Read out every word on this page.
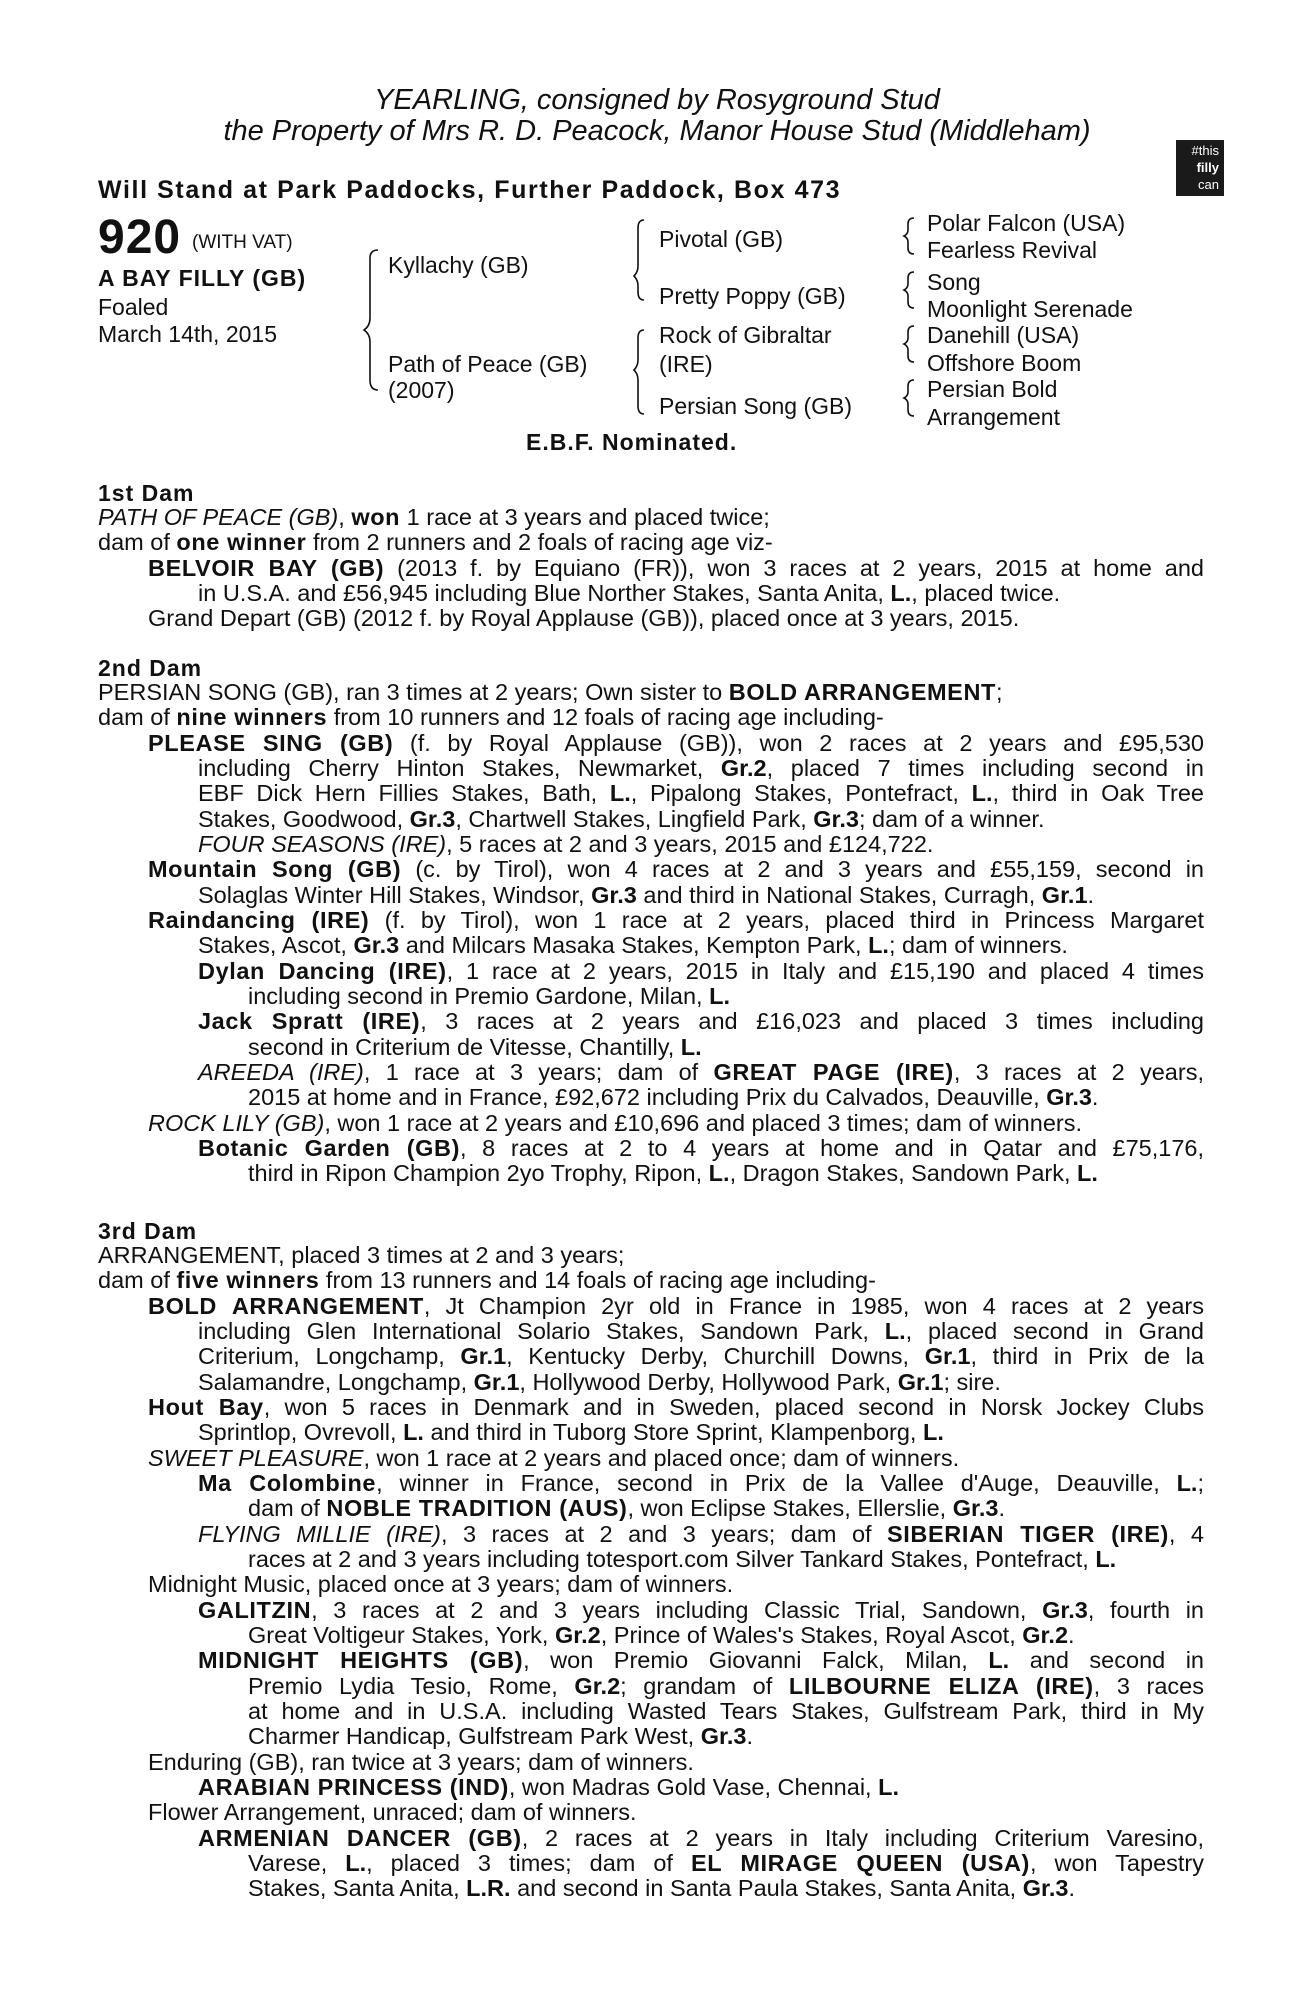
YEARLING, consigned by Rosyground Stud
the Property of Mrs R. D. Peacock, Manor House Stud (Middleham)
Will Stand at Park Paddocks, Further Paddock, Box 473
#this
filly
can
920 (WITH VAT)
A BAY FILLY (GB)
Foaled
March 14th, 2015
Kyllachy (GB)
Path of Peace (GB)
(2007)
Pivotal (GB)
Pretty Poppy (GB)
Rock of Gibraltar
(IRE)
Persian Song (GB)
Polar Falcon (USA)
Fearless Revival
Song
Moonlight Serenade
Danehill (USA)
Offshore Boom
Persian Bold
Arrangement
E.B.F. Nominated.
1st Dam
PATH OF PEACE (GB), won 1 race at 3 years and placed twice;
dam of one winner from 2 runners and 2 foals of racing age viz-
BELVOIR BAY (GB) (2013 f. by Equiano (FR)), won 3 races at 2 years, 2015 at home and
in U.S.A. and £56,945 including Blue Norther Stakes, Santa Anita, L., placed twice.
Grand Depart (GB) (2012 f. by Royal Applause (GB)), placed once at 3 years, 2015.
2nd Dam
PERSIAN SONG (GB), ran 3 times at 2 years; Own sister to BOLD ARRANGEMENT;
dam of nine winners from 10 runners and 12 foals of racing age including-
PLEASE SING (GB) (f. by Royal Applause (GB)), won 2 races at 2 years and £95,530
including Cherry Hinton Stakes, Newmarket, Gr.2, placed 7 times including second in
EBF Dick Hern Fillies Stakes, Bath, L., Pipalong Stakes, Pontefract, L., third in Oak Tree
Stakes, Goodwood, Gr.3, Chartwell Stakes, Lingfield Park, Gr.3; dam of a winner.
FOUR SEASONS (IRE), 5 races at 2 and 3 years, 2015 and £124,722.
Mountain Song (GB) (c. by Tirol), won 4 races at 2 and 3 years and £55,159, second in
Solaglas Winter Hill Stakes, Windsor, Gr.3 and third in National Stakes, Curragh, Gr.1.
Raindancing (IRE) (f. by Tirol), won 1 race at 2 years, placed third in Princess Margaret
Stakes, Ascot, Gr.3 and Milcars Masaka Stakes, Kempton Park, L.; dam of winners.
Dylan Dancing (IRE), 1 race at 2 years, 2015 in Italy and £15,190 and placed 4 times
including second in Premio Gardone, Milan, L.
Jack Spratt (IRE), 3 races at 2 years and £16,023 and placed 3 times including
second in Criterium de Vitesse, Chantilly, L.
AREEDA (IRE), 1 race at 3 years; dam of GREAT PAGE (IRE), 3 races at 2 years,
2015 at home and in France, £92,672 including Prix du Calvados, Deauville, Gr.3.
ROCK LILY (GB), won 1 race at 2 years and £10,696 and placed 3 times; dam of winners.
Botanic Garden (GB), 8 races at 2 to 4 years at home and in Qatar and £75,176,
third in Ripon Champion 2yo Trophy, Ripon, L., Dragon Stakes, Sandown Park, L.
3rd Dam
ARRANGEMENT, placed 3 times at 2 and 3 years;
dam of five winners from 13 runners and 14 foals of racing age including-
BOLD ARRANGEMENT, Jt Champion 2yr old in France in 1985, won 4 races at 2 years
including Glen International Solario Stakes, Sandown Park, L., placed second in Grand
Criterium, Longchamp, Gr.1, Kentucky Derby, Churchill Downs, Gr.1, third in Prix de la
Salamandre, Longchamp, Gr.1, Hollywood Derby, Hollywood Park, Gr.1; sire.
Hout Bay, won 5 races in Denmark and in Sweden, placed second in Norsk Jockey Clubs
Sprintlop, Ovrevoll, L. and third in Tuborg Store Sprint, Klampenborg, L.
SWEET PLEASURE, won 1 race at 2 years and placed once; dam of winners.
Ma Colombine, winner in France, second in Prix de la Vallee d'Auge, Deauville, L.;
dam of NOBLE TRADITION (AUS), won Eclipse Stakes, Ellerslie, Gr.3.
FLYING MILLIE (IRE), 3 races at 2 and 3 years; dam of SIBERIAN TIGER (IRE), 4
races at 2 and 3 years including totesport.com Silver Tankard Stakes, Pontefract, L.
Midnight Music, placed once at 3 years; dam of winners.
GALITZIN, 3 races at 2 and 3 years including Classic Trial, Sandown, Gr.3, fourth in
Great Voltigeur Stakes, York, Gr.2, Prince of Wales's Stakes, Royal Ascot, Gr.2.
MIDNIGHT HEIGHTS (GB), won Premio Giovanni Falck, Milan, L. and second in
Premio Lydia Tesio, Rome, Gr.2; grandam of LILBOURNE ELIZA (IRE), 3 races
at home and in U.S.A. including Wasted Tears Stakes, Gulfstream Park, third in My
Charmer Handicap, Gulfstream Park West, Gr.3.
Enduring (GB), ran twice at 3 years; dam of winners.
ARABIAN PRINCESS (IND), won Madras Gold Vase, Chennai, L.
Flower Arrangement, unraced; dam of winners.
ARMENIAN DANCER (GB), 2 races at 2 years in Italy including Criterium Varesino,
Varese, L., placed 3 times; dam of EL MIRAGE QUEEN (USA), won Tapestry
Stakes, Santa Anita, L.R. and second in Santa Paula Stakes, Santa Anita, Gr.3.
